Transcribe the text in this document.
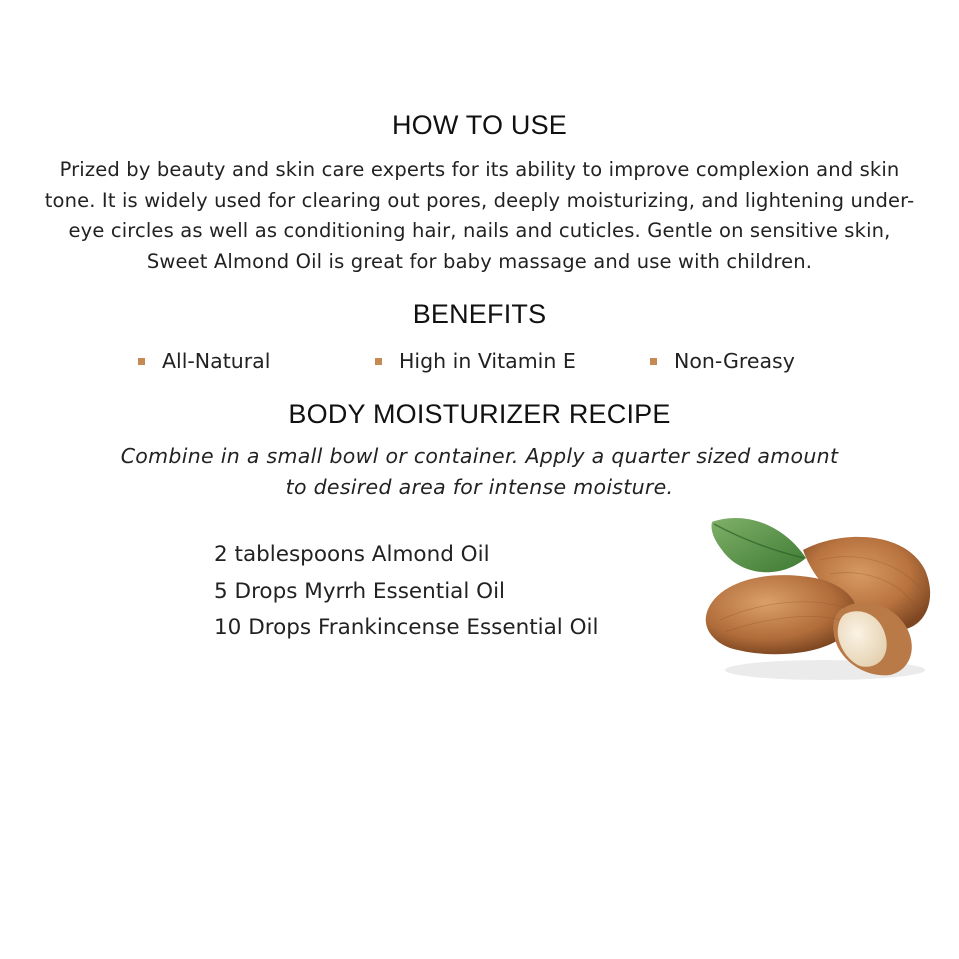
HOW TO USE

Prized by beauty and skin care experts for its ability to improve complexion and skin tone. It is widely used for clearing out pores, deeply moisturizing, and lightening under-eye circles as well as conditioning hair, nails and cuticles. Gentle on sensitive skin, Sweet Almond Oil is great for baby massage and use with children.

BENEFITS
All-Natural	High in Vitamin E	Non-Greasy
BODY MOISTURIZER RECIPE

Combine in a small bowl or container. Apply a quarter sized amount to desired area for intense moisture.

2 tablespoons Almond Oil
5 Drops Myrrh Essential Oil
10 Drops Frankincense Essential Oil
